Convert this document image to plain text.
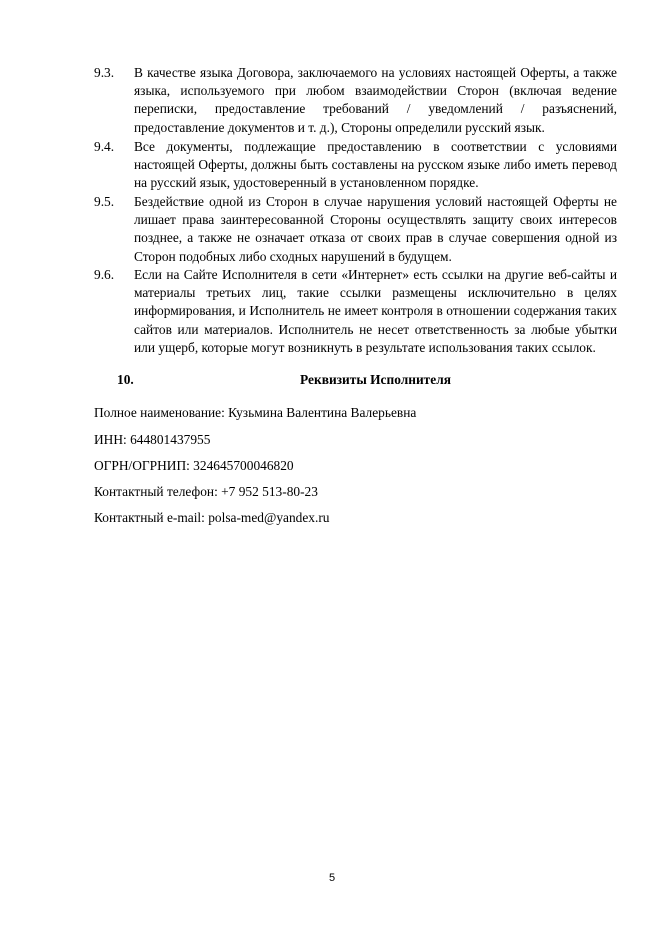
9.3.	В качестве языка Договора, заключаемого на условиях настоящей Оферты, а также языка, используемого при любом взаимодействии Сторон (включая ведение переписки, предоставление требований / уведомлений / разъяснений, предоставление документов и т. д.), Стороны определили русский язык.
9.4.	Все документы, подлежащие предоставлению в соответствии с условиями настоящей Оферты, должны быть составлены на русском языке либо иметь перевод на русский язык, удостоверенный в установленном порядке.
9.5.	Бездействие одной из Сторон в случае нарушения условий настоящей Оферты не лишает права заинтересованной Стороны осуществлять защиту своих интересов позднее, а также не означает отказа от своих прав в случае совершения одной из Сторон подобных либо сходных нарушений в будущем.
9.6.	Если на Сайте Исполнителя в сети «Интернет» есть ссылки на другие веб-сайты и материалы третьих лиц, такие ссылки размещены исключительно в целях информирования, и Исполнитель не имеет контроля в отношении содержания таких сайтов или материалов. Исполнитель не несет ответственность за любые убытки или ущерб, которые могут возникнуть в результате использования таких ссылок.
10.	Реквизиты Исполнителя
Полное наименование: Кузьмина Валентина Валерьевна
ИНН: 644801437955
ОГРН/ОГРНИП: 324645700046820
Контактный телефон: +7 952 513-80-23
Контактный e-mail: polsa-med@yandex.ru
5
